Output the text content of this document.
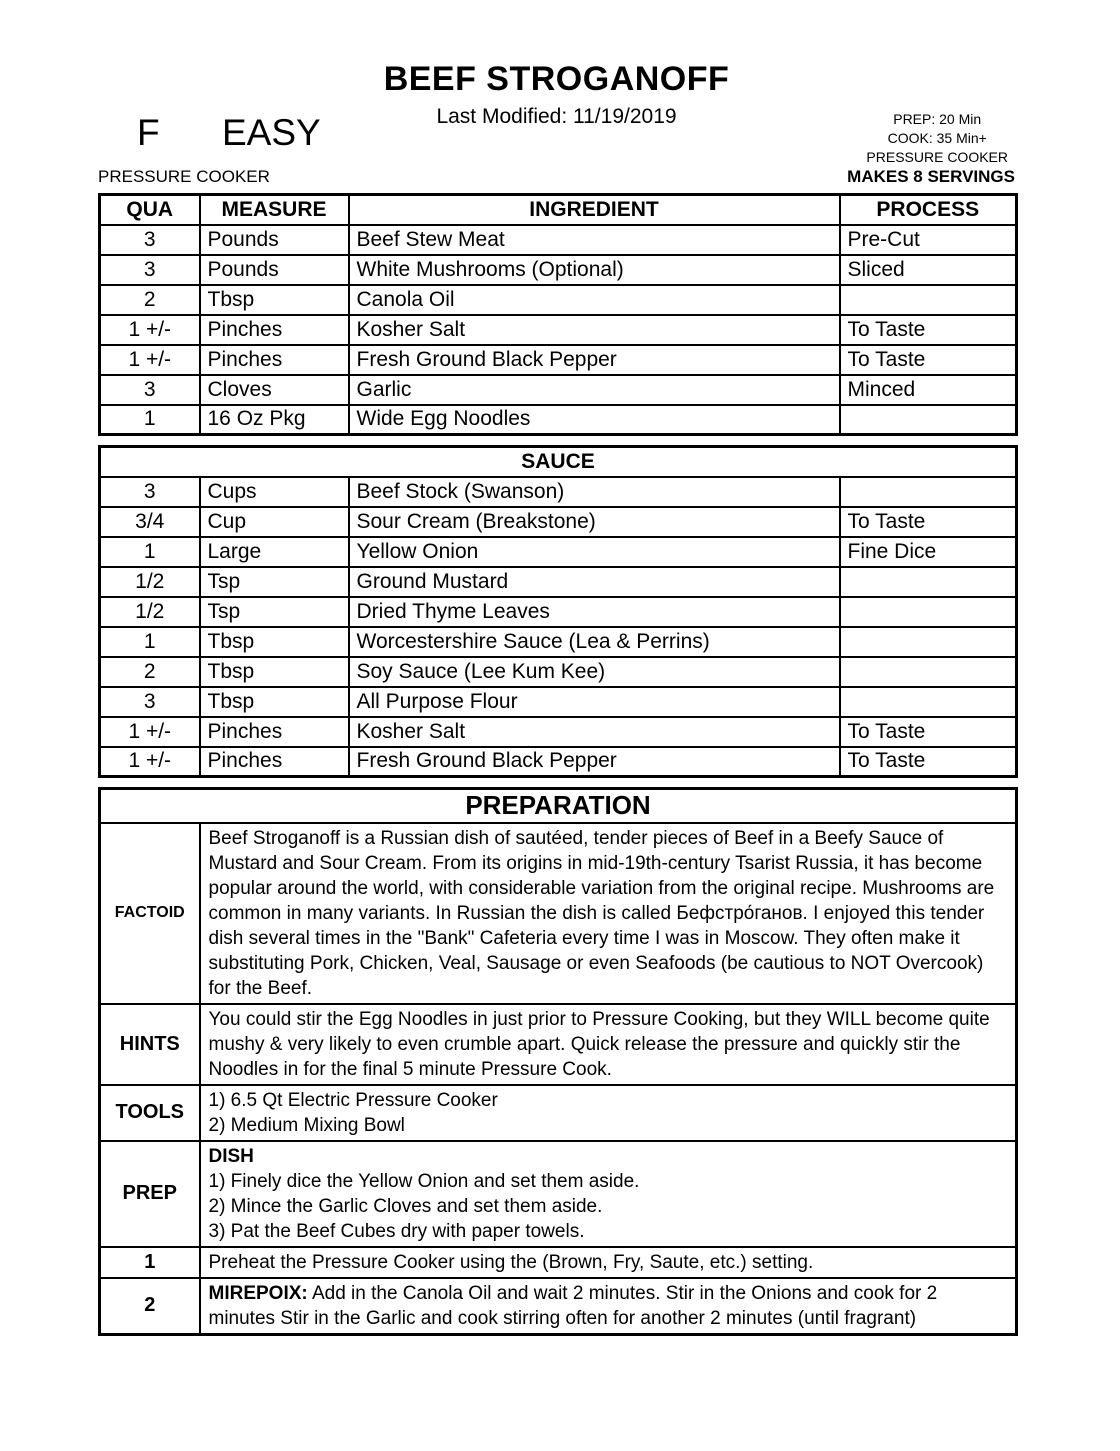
BEEF STROGANOFF
Last Modified: 11/19/2019
F EASY	PREP: 20 Min
COOK: 35 Min+
PRESSURE COOKER
PRESSURE COOKER	MAKES 8 SERVINGS
QUA	MEASURE	INGREDIENT	PROCESS
3	Pounds	Beef Stew Meat	Pre-Cut
3	Pounds	White Mushrooms (Optional)	Sliced
2	Tbsp	Canola Oil	
1 +/-	Pinches	Kosher Salt	To Taste
1 +/-	Pinches	Fresh Ground Black Pepper	To Taste
3	Cloves	Garlic	Minced
1	16 Oz Pkg	Wide Egg Noodles	
SAUCE			
3	Cups	Beef Stock (Swanson)	
3/4	Cup	Sour Cream (Breakstone)	To Taste
1	Large	Yellow Onion	Fine Dice
1/2	Tsp	Ground Mustard	
1/2	Tsp	Dried Thyme Leaves	
1	Tbsp	Worcestershire Sauce (Lea & Perrins)	
2	Tbsp	Soy Sauce (Lee Kum Kee)	
3	Tbsp	All Purpose Flour	
1 +/-	Pinches	Kosher Salt	To Taste
1 +/-	Pinches	Fresh Ground Black Pepper	To Taste
PREPARATION	
FACTOID	Beef Stroganoff is a Russian dish of sautéed, tender pieces of Beef in a Beefy Sauce of Mustard and Sour Cream. From its origins in mid-19th-century Tsarist Russia, it has become popular around the world, with considerable variation from the original recipe. Mushrooms are common in many variants. In Russian the dish is called Бефстро́ганов. I enjoyed this tender dish several times in the "Bank" Cafeteria every time I was in Moscow. They often make it substituting Pork, Chicken, Veal, Sausage or even Seafoods (be cautious to NOT Overcook) for the Beef.

HINTS	You could stir the Egg Noodles in just prior to Pressure Cooking, but they WILL become quite mushy & very likely to even crumble apart. Quick release the pressure and quickly stir the Noodles in for the final 5 minute Pressure Cook.

TOOLS	1) 6.5 Qt Electric Pressure Cooker
2) Medium Mixing Bowl

PREP	DISH
1) Finely dice the Yellow Onion and set them aside.
2) Mince the Garlic Cloves and set them aside.
3) Pat the Beef Cubes dry with paper towels.

1	Preheat the Pressure Cooker using the (Brown, Fry, Saute, etc.) setting.

2	MIREPOIX: Add in the Canola Oil and wait 2 minutes. Stir in the Onions and cook for 2 minutes Stir in the Garlic and cook stirring often for another 2 minutes (until fragrant)
